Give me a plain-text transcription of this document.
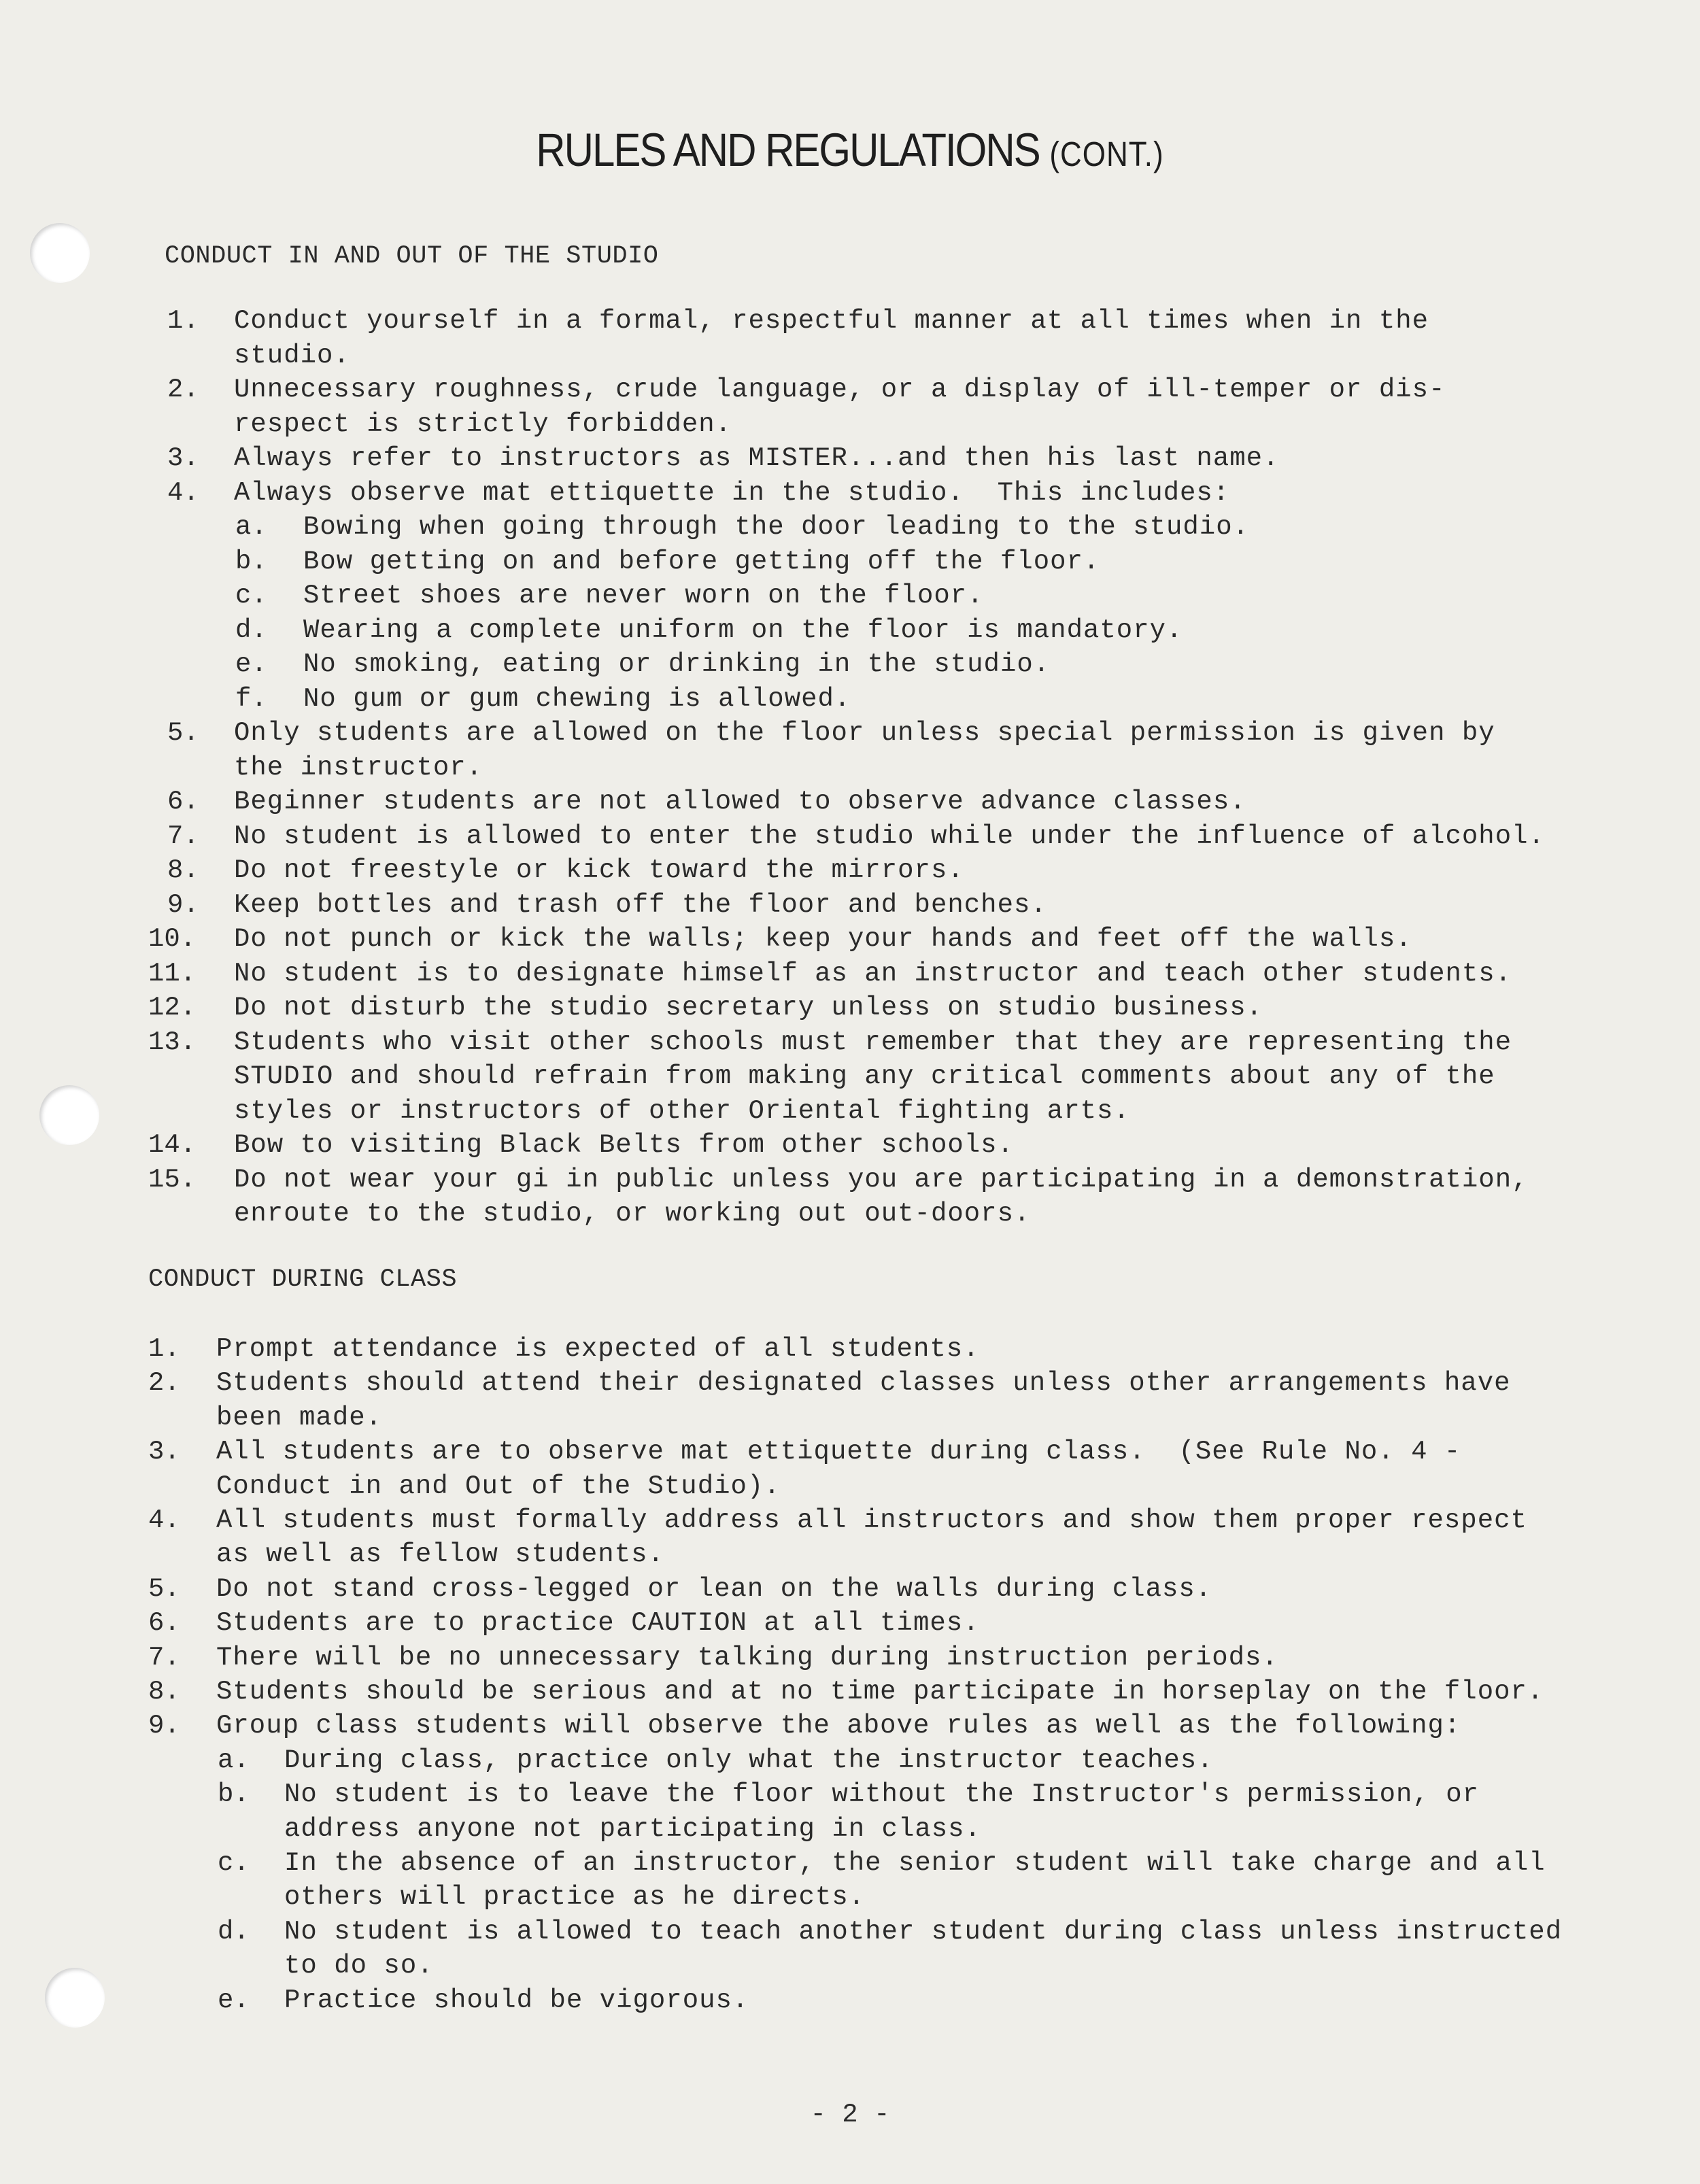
RULES AND REGULATIONS (CONT.)
CONDUCT IN AND OUT OF THE STUDIO
1. Conduct yourself in a formal, respectful manner at all times when in the
studio.
2. Unnecessary roughness, crude language, or a display of ill-temper or dis-
respect is strictly forbidden.
3. Always refer to instructors as MISTER...and then his last name.
4. Always observe mat ettiquette in the studio.  This includes:
a. Bowing when going through the door leading to the studio.
b. Bow getting on and before getting off the floor.
c. Street shoes are never worn on the floor.
d. Wearing a complete uniform on the floor is mandatory.
e. No smoking, eating or drinking in the studio.
f. No gum or gum chewing is allowed.
5. Only students are allowed on the floor unless special permission is given by
the instructor.
6. Beginner students are not allowed to observe advance classes.
7. No student is allowed to enter the studio while under the influence of alcohol.
8. Do not freestyle or kick toward the mirrors.
9. Keep bottles and trash off the floor and benches.
10. Do not punch or kick the walls; keep your hands and feet off the walls.
11. No student is to designate himself as an instructor and teach other students.
12. Do not disturb the studio secretary unless on studio business.
13. Students who visit other schools must remember that they are representing the
STUDIO and should refrain from making any critical comments about any of the
styles or instructors of other Oriental fighting arts.
14. Bow to visiting Black Belts from other schools.
15. Do not wear your gi in public unless you are participating in a demonstration,
enroute to the studio, or working out out-doors.
CONDUCT DURING CLASS
1. Prompt attendance is expected of all students.
2. Students should attend their designated classes unless other arrangements have
been made.
3. All students are to observe mat ettiquette during class.  (See Rule No. 4 -
Conduct in and Out of the Studio).
4. All students must formally address all instructors and show them proper respect
as well as fellow students.
5. Do not stand cross-legged or lean on the walls during class.
6. Students are to practice CAUTION at all times.
7. There will be no unnecessary talking during instruction periods.
8. Students should be serious and at no time participate in horseplay on the floor.
9. Group class students will observe the above rules as well as the following:
a. During class, practice only what the instructor teaches.
b. No student is to leave the floor without the Instructor's permission, or
address anyone not participating in class.
c. In the absence of an instructor, the senior student will take charge and all
others will practice as he directs.
d. No student is allowed to teach another student during class unless instructed
to do so.
e. Practice should be vigorous.
- 2 -
